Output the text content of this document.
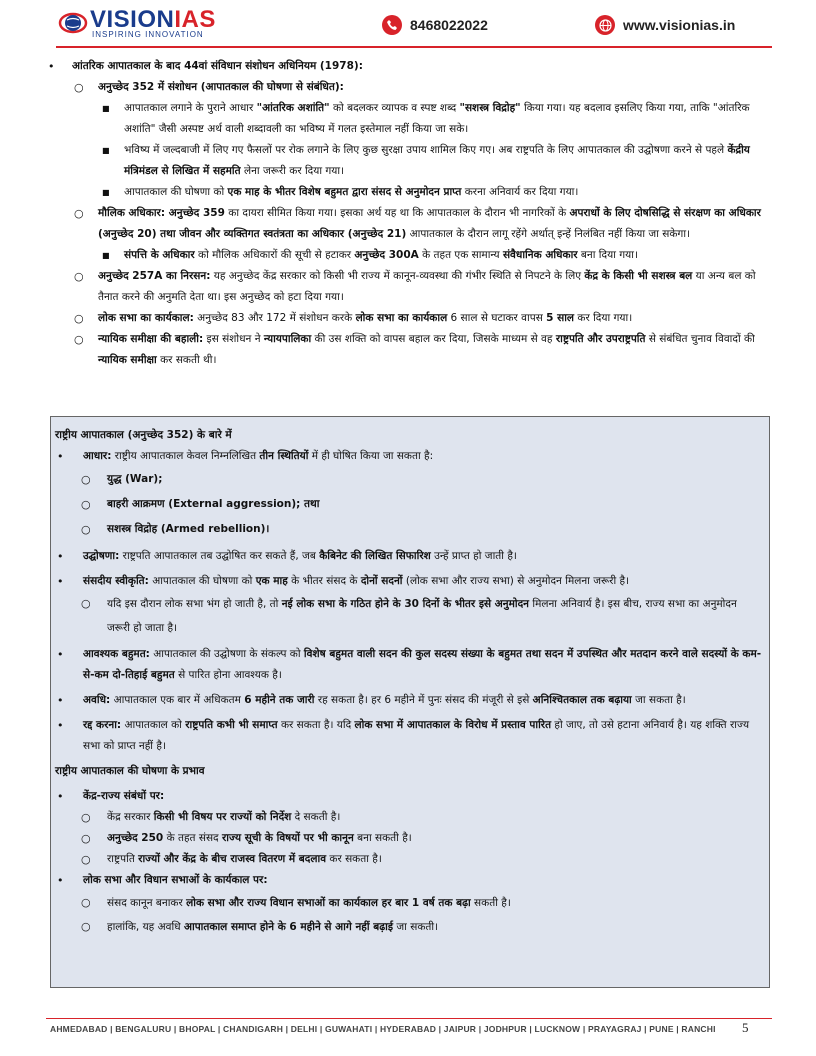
VISIONIAS
INSPIRING INNOVATION
8468022022	www.visionias.in
• आंतरिक आपातकाल के बाद 44वां संविधान संशोधन अधिनियम (1978):
○ अनुच्छेद 352 में संशोधन (आपातकाल की घोषणा से संबंधित):
■ आपातकाल लगाने के पुराने आधार "आंतरिक अशांति" को बदलकर व्यापक व स्पष्ट शब्द "सशस्त्र विद्रोह" किया गया। यह बदलाव इसलिए किया गया, ताकि "आंतरिक अशांति" जैसी अस्पष्ट अर्थ वाली शब्दावली का भविष्य में गलत इस्तेमाल नहीं किया जा सके।
■ भविष्य में जल्दबाजी में लिए गए फैसलों पर रोक लगाने के लिए कुछ सुरक्षा उपाय शामिल किए गए। अब राष्ट्रपति के लिए आपातकाल की उद्घोषणा करने से पहले केंद्रीय मंत्रिमंडल से लिखित में सहमति लेना जरूरी कर दिया गया।
■ आपातकाल की घोषणा को एक माह के भीतर विशेष बहुमत द्वारा संसद से अनुमोदन प्राप्त करना अनिवार्य कर दिया गया।
○ मौलिक अधिकार: अनुच्छेद 359 का दायरा सीमित किया गया। इसका अर्थ यह था कि आपातकाल के दौरान भी नागरिकों के अपराधों के लिए दोषसिद्धि से संरक्षण का अधिकार (अनुच्छेद 20) तथा जीवन और व्यक्तिगत स्वतंत्रता का अधिकार (अनुच्छेद 21) आपातकाल के दौरान लागू रहेंगे अर्थात् इन्हें निलंबित नहीं किया जा सकेगा।
■ संपत्ति के अधिकार को मौलिक अधिकारों की सूची से हटाकर अनुच्छेद 300A के तहत एक सामान्य संवैधानिक अधिकार बना दिया गया।
○ अनुच्छेद 257A का निरसन: यह अनुच्छेद केंद्र सरकार को किसी भी राज्य में कानून-व्यवस्था की गंभीर स्थिति से निपटने के लिए केंद्र के किसी भी सशस्त्र बल या अन्य बल को तैनात करने की अनुमति देता था। इस अनुच्छेद को हटा दिया गया।
○ लोक सभा का कार्यकाल: अनुच्छेद 83 और 172 में संशोधन करके लोक सभा का कार्यकाल 6 साल से घटाकर वापस 5 साल कर दिया गया।
○ न्यायिक समीक्षा की बहाली: इस संशोधन ने न्यायपालिका की उस शक्ति को वापस बहाल कर दिया, जिसके माध्यम से वह राष्ट्रपति और उपराष्ट्रपति से संबंधित चुनाव विवादों की न्यायिक समीक्षा कर सकती थी।
राष्ट्रीय आपातकाल (अनुच्छेद 352) के बारे में
• आधार: राष्ट्रीय आपातकाल केवल निम्नलिखित तीन स्थितियों में ही घोषित किया जा सकता है:
○ युद्ध (War);
○ बाहरी आक्रमण (External aggression); तथा
○ सशस्त्र विद्रोह (Armed rebellion)।
• उद्घोषणा: राष्ट्रपति आपातकाल तब उद्घोषित कर सकते हैं, जब कैबिनेट की लिखित सिफारिश उन्हें प्राप्त हो जाती है।
• संसदीय स्वीकृति: आपातकाल की घोषणा को एक माह के भीतर संसद के दोनों सदनों (लोक सभा और राज्य सभा) से अनुमोदन मिलना जरूरी है।
○ यदि इस दौरान लोक सभा भंग हो जाती है, तो नई लोक सभा के गठित होने के 30 दिनों के भीतर इसे अनुमोदन मिलना अनिवार्य है। इस बीच, राज्य सभा का अनुमोदन जरूरी हो जाता है।
• आवश्यक बहुमत: आपातकाल की उद्घोषणा के संकल्प को विशेष बहुमत वाली सदन की कुल सदस्य संख्या के बहुमत तथा सदन में उपस्थित और मतदान करने वाले सदस्यों के कम-से-कम दो-तिहाई बहुमत से पारित होना आवश्यक है।
• अवधि: आपातकाल एक बार में अधिकतम 6 महीने तक जारी रह सकता है। हर 6 महीने में पुनः संसद की मंजूरी से इसे अनिश्चितकाल तक बढ़ाया जा सकता है।
• रद्द करना: आपातकाल को राष्ट्रपति कभी भी समाप्त कर सकता है। यदि लोक सभा में आपातकाल के विरोध में प्रस्ताव पारित हो जाए, तो उसे हटाना अनिवार्य है। यह शक्ति राज्य सभा को प्राप्त नहीं है।
राष्ट्रीय आपातकाल की घोषणा के प्रभाव
• केंद्र-राज्य संबंधों पर:
○ केंद्र सरकार किसी भी विषय पर राज्यों को निर्देश दे सकती है।
○ अनुच्छेद 250 के तहत संसद राज्य सूची के विषयों पर भी कानून बना सकती है।
○ राष्ट्रपति राज्यों और केंद्र के बीच राजस्व वितरण में बदलाव कर सकता है।
• लोक सभा और विधान सभाओं के कार्यकाल पर:
○ संसद कानून बनाकर लोक सभा और राज्य विधान सभाओं का कार्यकाल हर बार 1 वर्ष तक बढ़ा सकती है।
○ हालांकि, यह अवधि आपातकाल समाप्त होने के 6 महीने से आगे नहीं बढ़ाई जा सकती।
AHMEDABAD | BENGALURU | BHOPAL | CHANDIGARH | DELHI | GUWAHATI | HYDERABAD | JAIPUR | JODHPUR | LUCKNOW | PRAYAGRAJ | PUNE | RANCHI 5
